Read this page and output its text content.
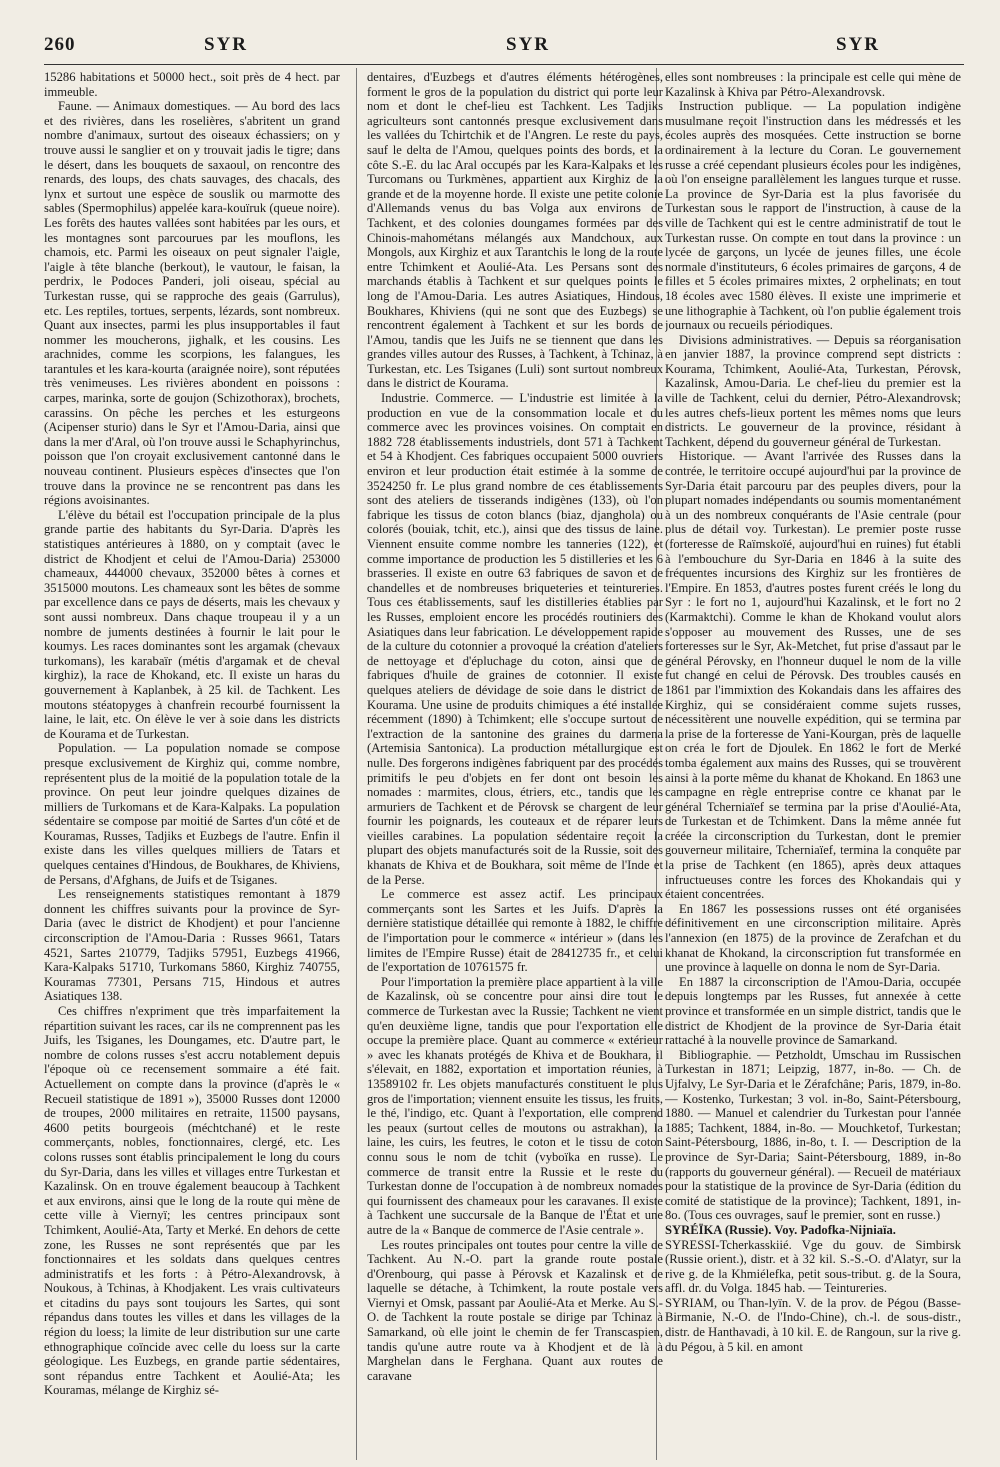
260	SYR	SYR	SYR

15286 habitations et 50000 hect., soit près de 4 hect. par immeuble.

Faune. — Animaux domestiques. — Au bord des lacs et des rivières, dans les roselières, s'abritent un grand nombre d'animaux, surtout des oiseaux échassiers; on y trouve aussi le sanglier et on y trouvait jadis le tigre; dans le désert, dans les bouquets de saxaoul, on rencontre des renards, des loups, des chats sauvages, des chacals, des lynx et surtout une espèce de souslik ou marmotte des sables (Spermophilus) appelée kara-kouïruk (queue noire). Les forêts des hautes vallées sont habitées par les ours, et les montagnes sont parcourues par les mouflons, les chamois, etc. Parmi les oiseaux on peut signaler l'aigle, l'aigle à tête blanche (berkout), le vautour, le faisan, la perdrix, le Podoces Panderi, joli oiseau, spécial au Turkestan russe, qui se rapproche des geais (Garrulus), etc. Les reptiles, tortues, serpents, lézards, sont nombreux. Quant aux insectes, parmi les plus insupportables il faut nommer les moucherons, jighalk, et les cousins. Les arachnides, comme les scorpions, les falangues, les tarantules et les kara-kourta (araignée noire), sont réputées très venimeuses. Les rivières abondent en poissons : carpes, marinka, sorte de goujon (Schizothorax), brochets, carassins. On pêche les perches et les esturgeons (Acipenser sturio) dans le Syr et l'Amou-Daria, ainsi que dans la mer d'Aral, où l'on trouve aussi le Schaphyrinchus, poisson que l'on croyait exclusivement cantonné dans le nouveau continent. Plusieurs espèces d'insectes que l'on trouve dans la province ne se rencontrent pas dans les régions avoisinantes.

L'élève du bétail est l'occupation principale de la plus grande partie des habitants du Syr-Daria. D'après les statistiques antérieures à 1880, on y comptait (avec le district de Khodjent et celui de l'Amou-Daria) 253000 chameaux, 444000 chevaux, 352000 bêtes à cornes et 3515000 moutons. Les chameaux sont les bêtes de somme par excellence dans ce pays de déserts, mais les chevaux y sont aussi nombreux. Dans chaque troupeau il y a un nombre de juments destinées à fournir le lait pour le koumys. Les races dominantes sont les argamak (chevaux turkomans), les karabaïr (métis d'argamak et de cheval kirghiz), la race de Khokand, etc. Il existe un haras du gouvernement à Kaplanbek, à 25 kil. de Tachkent. Les moutons stéatopyges à chanfrein recourbé fournissent la laine, le lait, etc. On élève le ver à soie dans les districts de Kourama et de Turkestan.

Population. — La population nomade se compose presque exclusivement de Kirghiz qui, comme nombre, représentent plus de la moitié de la population totale de la province. On peut leur joindre quelques dizaines de milliers de Turkomans et de Kara-Kalpaks. La population sédentaire se compose par moitié de Sartes d'un côté et de Kouramas, Russes, Tadjiks et Euzbegs de l'autre. Enfin il existe dans les villes quelques milliers de Tatars et quelques centaines d'Hindous, de Boukhares, de Khiviens, de Persans, d'Afghans, de Juifs et de Tsiganes.

Les renseignements statistiques remontant à 1879 donnent les chiffres suivants pour la province de Syr-Daria (avec le district de Khodjent) et pour l'ancienne circonscription de l'Amou-Daria : Russes 9661, Tatars 4521, Sartes 210779, Tadjiks 57951, Euzbegs 41966, Kara-Kalpaks 51710, Turkomans 5860, Kirghiz 740755, Kouramas 77301, Persans 715, Hindous et autres Asiatiques 138.

Ces chiffres n'expriment que très imparfaitement la répartition suivant les races, car ils ne comprennent pas les Juifs, les Tsiganes, les Doungames, etc. D'autre part, le nombre de colons russes s'est accru notablement depuis l'époque où ce recensement sommaire a été fait. Actuellement on compte dans la province (d'après le « Recueil statistique de 1891 »), 35000 Russes dont 12000 de troupes, 2000 militaires en retraite, 11500 paysans, 4600 petits bourgeois (méchtchané) et le reste commerçants, nobles, fonctionnaires, clergé, etc. Les colons russes sont établis principalement le long du cours du Syr-Daria, dans les villes et villages entre Turkestan et Kazalinsk. On en trouve également beaucoup à Tachkent et aux environs, ainsi que le long de la route qui mène de cette ville à Viernyï; les centres principaux sont Tchimkent, Aoulié-Ata, Tarty et Merké. En dehors de cette zone, les Russes ne sont représentés que par les fonctionnaires et les soldats dans quelques centres administratifs et les forts : à Pétro-Alexandrovsk, à Noukous, à Tchinas, à Khodjakent. Les vrais cultivateurs et citadins du pays sont toujours les Sartes, qui sont répandus dans toutes les villes et dans les villages de la région du loess; la limite de leur distribution sur une carte ethnographique coïncide avec celle du loess sur la carte géologique. Les Euzbegs, en grande partie sédentaires, sont répandus entre Tachkent et Aoulié-Ata; les Kouramas, mélange de Kirghiz sé-

dentaires, d'Euzbegs et d'autres éléments hétérogènes, forment le gros de la population du district qui porte leur nom et dont le chef-lieu est Tachkent. Les Tadjiks agriculteurs sont cantonnés presque exclusivement dans les vallées du Tchirtchik et de l'Angren. Le reste du pays, sauf le delta de l'Amou, quelques points des bords, et la côte S.-E. du lac Aral occupés par les Kara-Kalpaks et les Turcomans ou Turkmènes, appartient aux Kirghiz de la grande et de la moyenne horde. Il existe une petite colonie d'Allemands venus du bas Volga aux environs de Tachkent, et des colonies doungames formées par des Chinois-mahométans mélangés aux Mandchoux, aux Mongols, aux Kirghiz et aux Tarantchis le long de la route entre Tchimkent et Aoulié-Ata. Les Persans sont des marchands établis à Tachkent et sur quelques points le long de l'Amou-Daria. Les autres Asiatiques, Hindous, Boukhares, Khiviens (qui ne sont que des Euzbegs) se rencontrent également à Tachkent et sur les bords de l'Amou, tandis que les Juifs ne se tiennent que dans les grandes villes autour des Russes, à Tachkent, à Tchinaz, à Turkestan, etc. Les Tsiganes (Luli) sont surtout nombreux dans le district de Kourama.

Industrie. Commerce. — L'industrie est limitée à la production en vue de la consommation locale et du commerce avec les provinces voisines. On comptait en 1882 728 établissements industriels, dont 571 à Tachkent et 54 à Khodjent. Ces fabriques occupaient 5000 ouvriers environ et leur production était estimée à la somme de 3524250 fr. Le plus grand nombre de ces établissements sont des ateliers de tisserands indigènes (133), où l'on fabrique les tissus de coton blancs (biaz, djanghola) ou colorés (bouiak, tchit, etc.), ainsi que des tissus de laine. Viennent ensuite comme nombre les tanneries (122), et comme importance de production les 5 distilleries et les 6 brasseries. Il existe en outre 63 fabriques de savon et de chandelles et de nombreuses briqueteries et teintureries. Tous ces établissements, sauf les distilleries établies par les Russes, emploient encore les procédés routiniers des Asiatiques dans leur fabrication. Le développement rapide de la culture du cotonnier a provoqué la création d'ateliers de nettoyage et d'épluchage du coton, ainsi que de fabriques d'huile de graines de cotonnier. Il existe quelques ateliers de dévidage de soie dans le district de Kourama. Une usine de produits chimiques a été installée récemment (1890) à Tchimkent; elle s'occupe surtout de l'extraction de la santonine des graines du darmena (Artemisia Santonica). La production métallurgique est nulle. Des forgerons indigènes fabriquent par des procédés primitifs le peu d'objets en fer dont ont besoin les nomades : marmites, clous, étriers, etc., tandis que les armuriers de Tachkent et de Pérovsk se chargent de leur fournir les poignards, les couteaux et de réparer leurs vieilles carabines. La population sédentaire reçoit la plupart des objets manufacturés soit de la Russie, soit des khanats de Khiva et de Boukhara, soit même de l'Inde et de la Perse.

Le commerce est assez actif. Les principaux commerçants sont les Sartes et les Juifs. D'après la dernière statistique détaillée qui remonte à 1882, le chiffre de l'importation pour le commerce « intérieur » (dans les limites de l'Empire Russe) était de 28412735 fr., et celui de l'exportation de 10761575 fr.

Pour l'importation la première place appartient à la ville de Kazalinsk, où se concentre pour ainsi dire tout le commerce de Turkestan avec la Russie; Tachkent ne vient qu'en deuxième ligne, tandis que pour l'exportation elle occupe la première place. Quant au commerce « extérieur » avec les khanats protégés de Khiva et de Boukhara, il s'élevait, en 1882, exportation et importation réunies, à 13589102 fr. Les objets manufacturés constituent le plus gros de l'importation; viennent ensuite les tissus, les fruits, le thé, l'indigo, etc. Quant à l'exportation, elle comprend les peaux (surtout celles de moutons ou astrakhan), la laine, les cuirs, les feutres, le coton et le tissu de coton connu sous le nom de tchit (vyboïka en russe). Le commerce de transit entre la Russie et le reste du Turkestan donne de l'occupation à de nombreux nomades qui fournissent des chameaux pour les caravanes. Il existe à Tachkent une succursale de la Banque de l'État et une autre de la « Banque de commerce de l'Asie centrale ».

Les routes principales ont toutes pour centre la ville de Tachkent. Au N.-O. part la grande route postale d'Orenbourg, qui passe à Pérovsk et Kazalinsk et de laquelle se détache, à Tchimkent, la route postale vers Viernyi et Omsk, passant par Aoulié-Ata et Merke. Au S.-O. de Tachkent la route postale se dirige par Tchinaz à Samarkand, où elle joint le chemin de fer Transcaspien, tandis qu'une autre route va à Khodjent et de là à Marghelan dans le Ferghana. Quant aux routes de caravane

elles sont nombreuses : la principale est celle qui mène de Kazalinsk à Khiva par Pétro-Alexandrovsk.

Instruction publique. — La population indigène musulmane reçoit l'instruction dans les médressés et les écoles auprès des mosquées. Cette instruction se borne ordinairement à la lecture du Coran. Le gouvernement russe a créé cependant plusieurs écoles pour les indigènes, où l'on enseigne parallèlement les langues turque et russe. La province de Syr-Daria est la plus favorisée du Turkestan sous le rapport de l'instruction, à cause de la ville de Tachkent qui est le centre administratif de tout le Turkestan russe. On compte en tout dans la province : un lycée de garçons, un lycée de jeunes filles, une école normale d'instituteurs, 6 écoles primaires de garçons, 4 de filles et 5 écoles primaires mixtes, 2 orphelinats; en tout 18 écoles avec 1580 élèves. Il existe une imprimerie et une lithographie à Tachkent, où l'on publie également trois journaux ou recueils périodiques.

Divisions administratives. — Depuis sa réorganisation en janvier 1887, la province comprend sept districts : Kourama, Tchimkent, Aoulié-Ata, Turkestan, Pérovsk, Kazalinsk, Amou-Daria. Le chef-lieu du premier est la ville de Tachkent, celui du dernier, Pétro-Alexandrovsk; les autres chefs-lieux portent les mêmes noms que leurs districts. Le gouverneur de la province, résidant à Tachkent, dépend du gouverneur général de Turkestan.

Historique. — Avant l'arrivée des Russes dans la contrée, le territoire occupé aujourd'hui par la province de Syr-Daria était parcouru par des peuples divers, pour la plupart nomades indépendants ou soumis momentanément à un des nombreux conquérants de l'Asie centrale (pour plus de détail voy. Turkestan). Le premier poste russe (forteresse de Raïmskoïé, aujourd'hui en ruines) fut établi à l'embouchure du Syr-Daria en 1846 à la suite des fréquentes incursions des Kirghiz sur les frontières de l'Empire. En 1853, d'autres postes furent créés le long du Syr : le fort no 1, aujourd'hui Kazalinsk, et le fort no 2 (Karmaktchi). Comme le khan de Khokand voulut alors s'opposer au mouvement des Russes, une de ses forteresses sur le Syr, Ak-Metchet, fut prise d'assaut par le général Pérovsky, en l'honneur duquel le nom de la ville fut changé en celui de Pérovsk. Des troubles causés en 1861 par l'immixtion des Kokandais dans les affaires des Kirghiz, qui se considéraient comme sujets russes, nécessitèrent une nouvelle expédition, qui se termina par la prise de la forteresse de Yani-Kourgan, près de laquelle on créa le fort de Djoulek. En 1862 le fort de Merké tomba également aux mains des Russes, qui se trouvèrent ainsi à la porte même du khanat de Khokand. En 1863 une campagne en règle entreprise contre ce khanat par le général Tcherniaïef se termina par la prise d'Aoulié-Ata, de Turkestan et de Tchimkent. Dans la même année fut créée la circonscription du Turkestan, dont le premier gouverneur militaire, Tcherniaïef, termina la conquête par la prise de Tachkent (en 1865), après deux attaques infructueuses contre les forces des Khokandais qui y étaient concentrées.

En 1867 les possessions russes ont été organisées définitivement en une circonscription militaire. Après l'annexion (en 1875) de la province de Zerafchan et du khanat de Khokand, la circonscription fut transformée en une province à laquelle on donna le nom de Syr-Daria.

En 1887 la circonscription de l'Amou-Daria, occupée depuis longtemps par les Russes, fut annexée à cette province et transformée en un simple district, tandis que le district de Khodjent de la province de Syr-Daria était rattaché à la nouvelle province de Samarkand.

Bibliographie. — Petzholdt, Umschau im Russischen Turkestan in 1871; Leipzig, 1877, in-8o. — Ch. de Ujfalvy, Le Syr-Daria et le Zérafchâne; Paris, 1879, in-8o. — Kostenko, Turkestan; 3 vol. in-8o, Saint-Pétersbourg, 1880. — Manuel et calendrier du Turkestan pour l'année 1885; Tachkent, 1884, in-8o. — Mouchketof, Turkestan; Saint-Pétersbourg, 1886, in-8o, t. I. — Description de la province de Syr-Daria; Saint-Pétersbourg, 1889, in-8o (rapports du gouverneur général). — Recueil de matériaux pour la statistique de la province de Syr-Daria (édition du comité de statistique de la province); Tachkent, 1891, in-8o. (Tous ces ouvrages, sauf le premier, sont en russe.)

SYRÉÏKA (Russie). Voy. Padofka-Nijniaïa.

SYRESSI-Tcherkasskiié. Vge du gouv. de Simbirsk (Russie orient.), distr. et à 32 kil. S.-S.-O. d'Alatyr, sur la rive g. de la Khmiélefka, petit sous-tribut. g. de la Soura, affl. dr. du Volga. 1845 hab. — Teintureries.

SYRIAM, ou Than-lyïn. V. de la prov. de Pégou (Basse-Birmanie, N.-O. de l'Indo-Chine), ch.-l. de sous-distr., distr. de Hanthavadi, à 10 kil. E. de Rangoun, sur la rive g. du Pégou, à 5 kil. en amont
